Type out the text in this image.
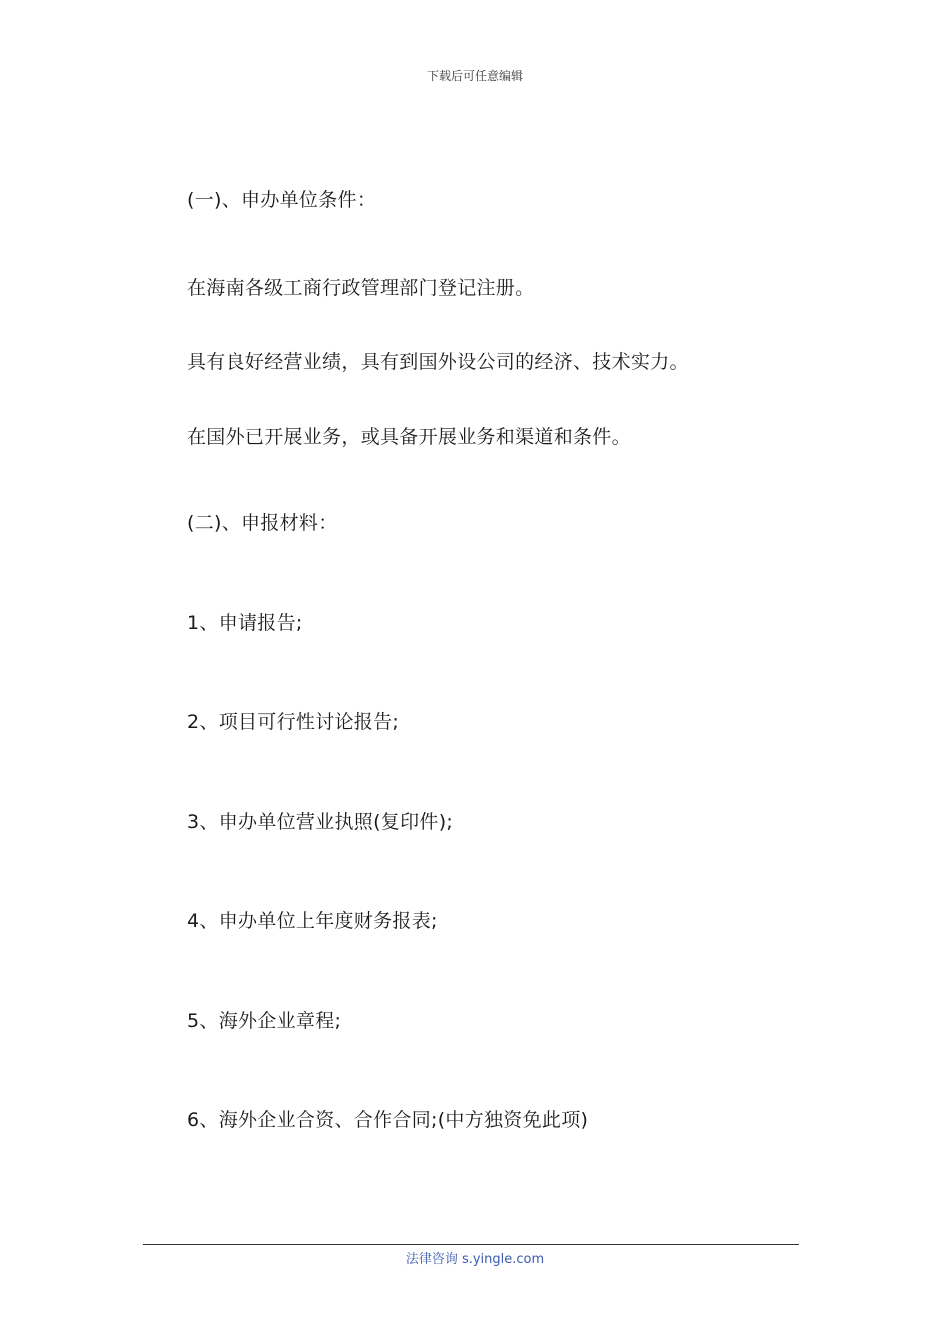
下载后可任意编辑
(一)、申办单位条件：
在海南各级工商行政管理部门登记注册。
具有良好经营业绩，具有到国外设公司的经济、技术实力。
在国外已开展业务，或具备开展业务和渠道和条件。
(二)、申报材料：
1、申请报告;
2、项目可行性讨论报告;
3、申办单位营业执照(复印件);
4、申办单位上年度财务报表;
5、海外企业章程;
6、海外企业合资、合作合同;(中方独资免此项)
法律咨询 s.yingle.com
